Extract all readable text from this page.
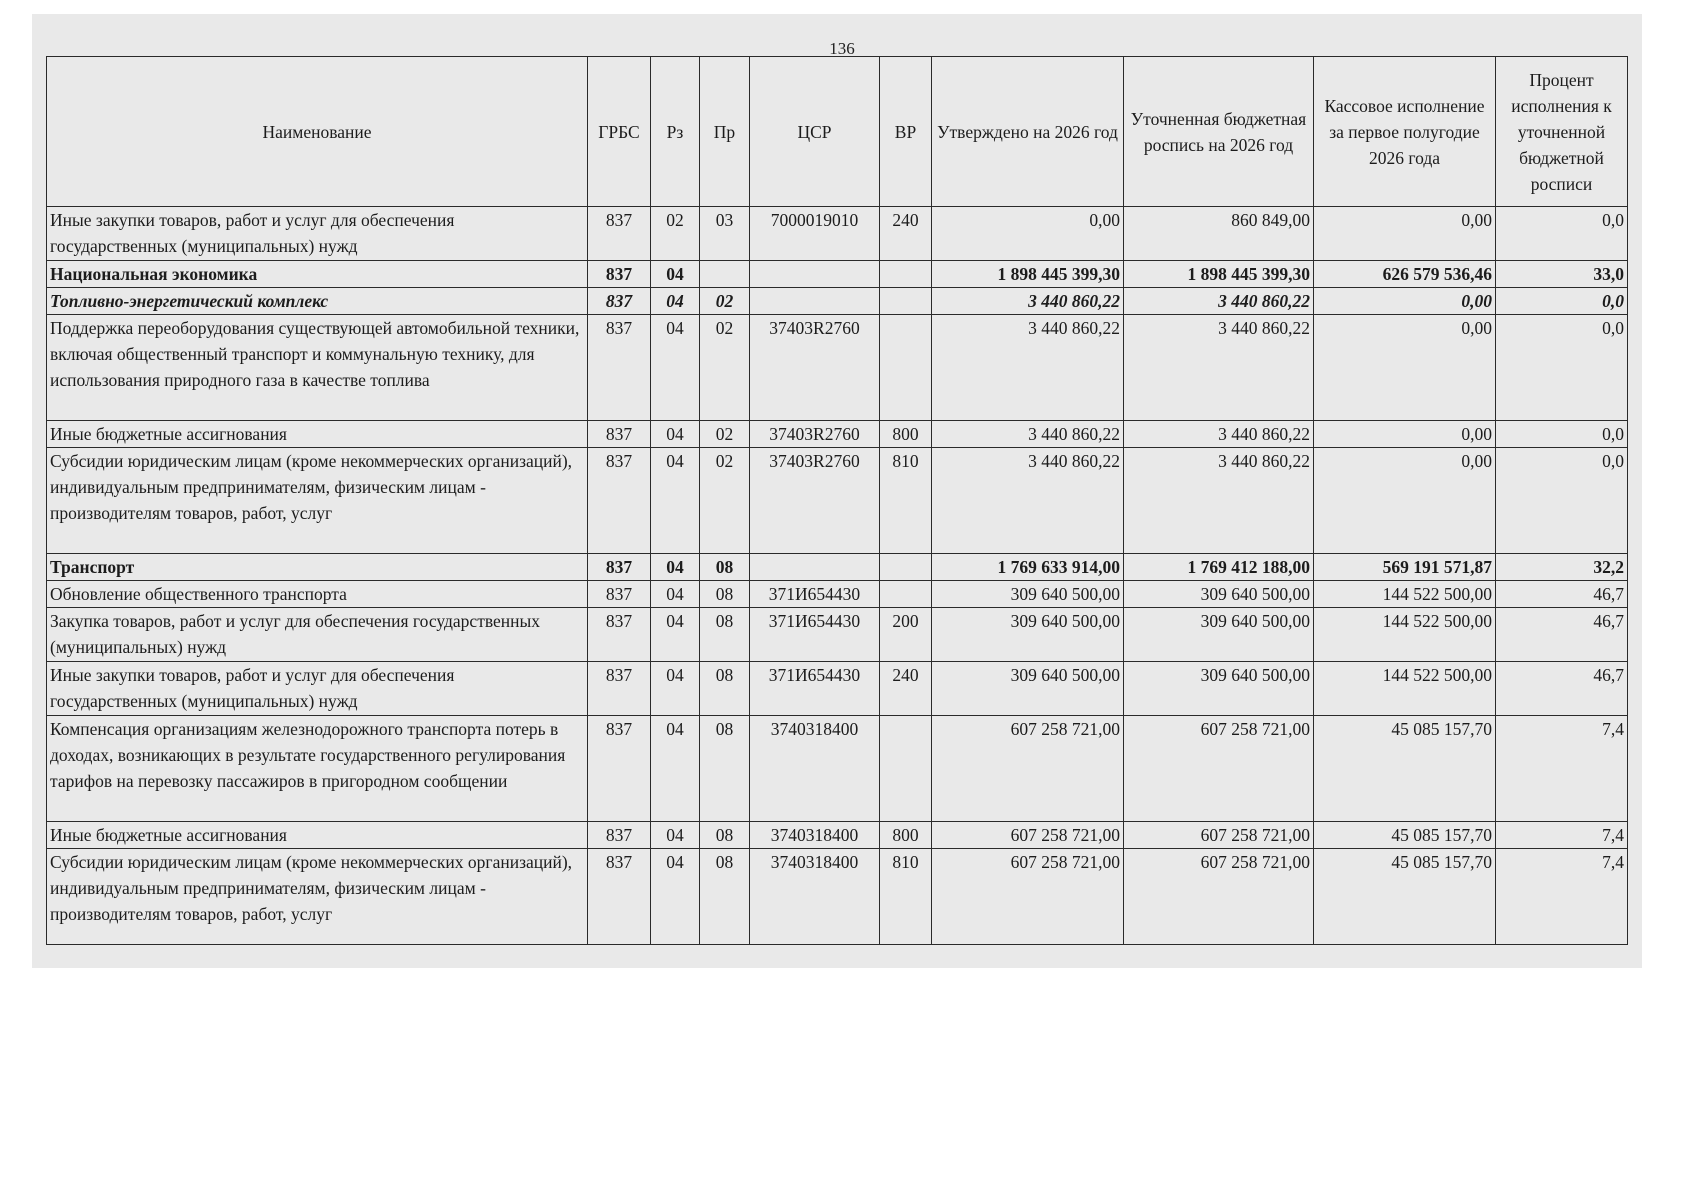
136
Наименование	ГРБС	Рз	Пр	ЦСР	ВР	Утверждено на 2026 год	Уточненная бюджетная роспись на 2026 год	Кассовое исполнение за первое полугодие 2026 года	Процент исполнения к уточненной бюджетной росписи
Иные закупки товаров, работ и услуг для обеспечения государственных (муниципальных) нужд	837	02	03	7000019010	240	0,00	860 849,00	0,00	0,0
Национальная экономика	837	04				1 898 445 399,30	1 898 445 399,30	626 579 536,46	33,0
Топливно-энергетический комплекс	837	04	02			3 440 860,22	3 440 860,22	0,00	0,0
Поддержка переоборудования существующей автомобильной техники, включая общественный транспорт и коммунальную технику, для использования природного газа в качестве топлива	837	04	02	37403R2760		3 440 860,22	3 440 860,22	0,00	0,0
Иные бюджетные ассигнования	837	04	02	37403R2760	800	3 440 860,22	3 440 860,22	0,00	0,0
Субсидии юридическим лицам (кроме некоммерческих организаций), индивидуальным предпринимателям, физическим лицам - производителям товаров, работ, услуг	837	04	02	37403R2760	810	3 440 860,22	3 440 860,22	0,00	0,0
Транспорт	837	04	08			1 769 633 914,00	1 769 412 188,00	569 191 571,87	32,2
Обновление общественного транспорта	837	04	08	371И654430		309 640 500,00	309 640 500,00	144 522 500,00	46,7
Закупка товаров, работ и услуг для обеспечения государственных (муниципальных) нужд	837	04	08	371И654430	200	309 640 500,00	309 640 500,00	144 522 500,00	46,7
Иные закупки товаров, работ и услуг для обеспечения государственных (муниципальных) нужд	837	04	08	371И654430	240	309 640 500,00	309 640 500,00	144 522 500,00	46,7
Компенсация организациям железнодорожного транспорта потерь в доходах, возникающих в результате государственного регулирования тарифов на перевозку пассажиров в пригородном сообщении	837	04	08	3740318400		607 258 721,00	607 258 721,00	45 085 157,70	7,4
Иные бюджетные ассигнования	837	04	08	3740318400	800	607 258 721,00	607 258 721,00	45 085 157,70	7,4
Субсидии юридическим лицам (кроме некоммерческих организаций), индивидуальным предпринимателям, физическим лицам - производителям товаров, работ, услуг	837	04	08	3740318400	810	607 258 721,00	607 258 721,00	45 085 157,70	7,4
